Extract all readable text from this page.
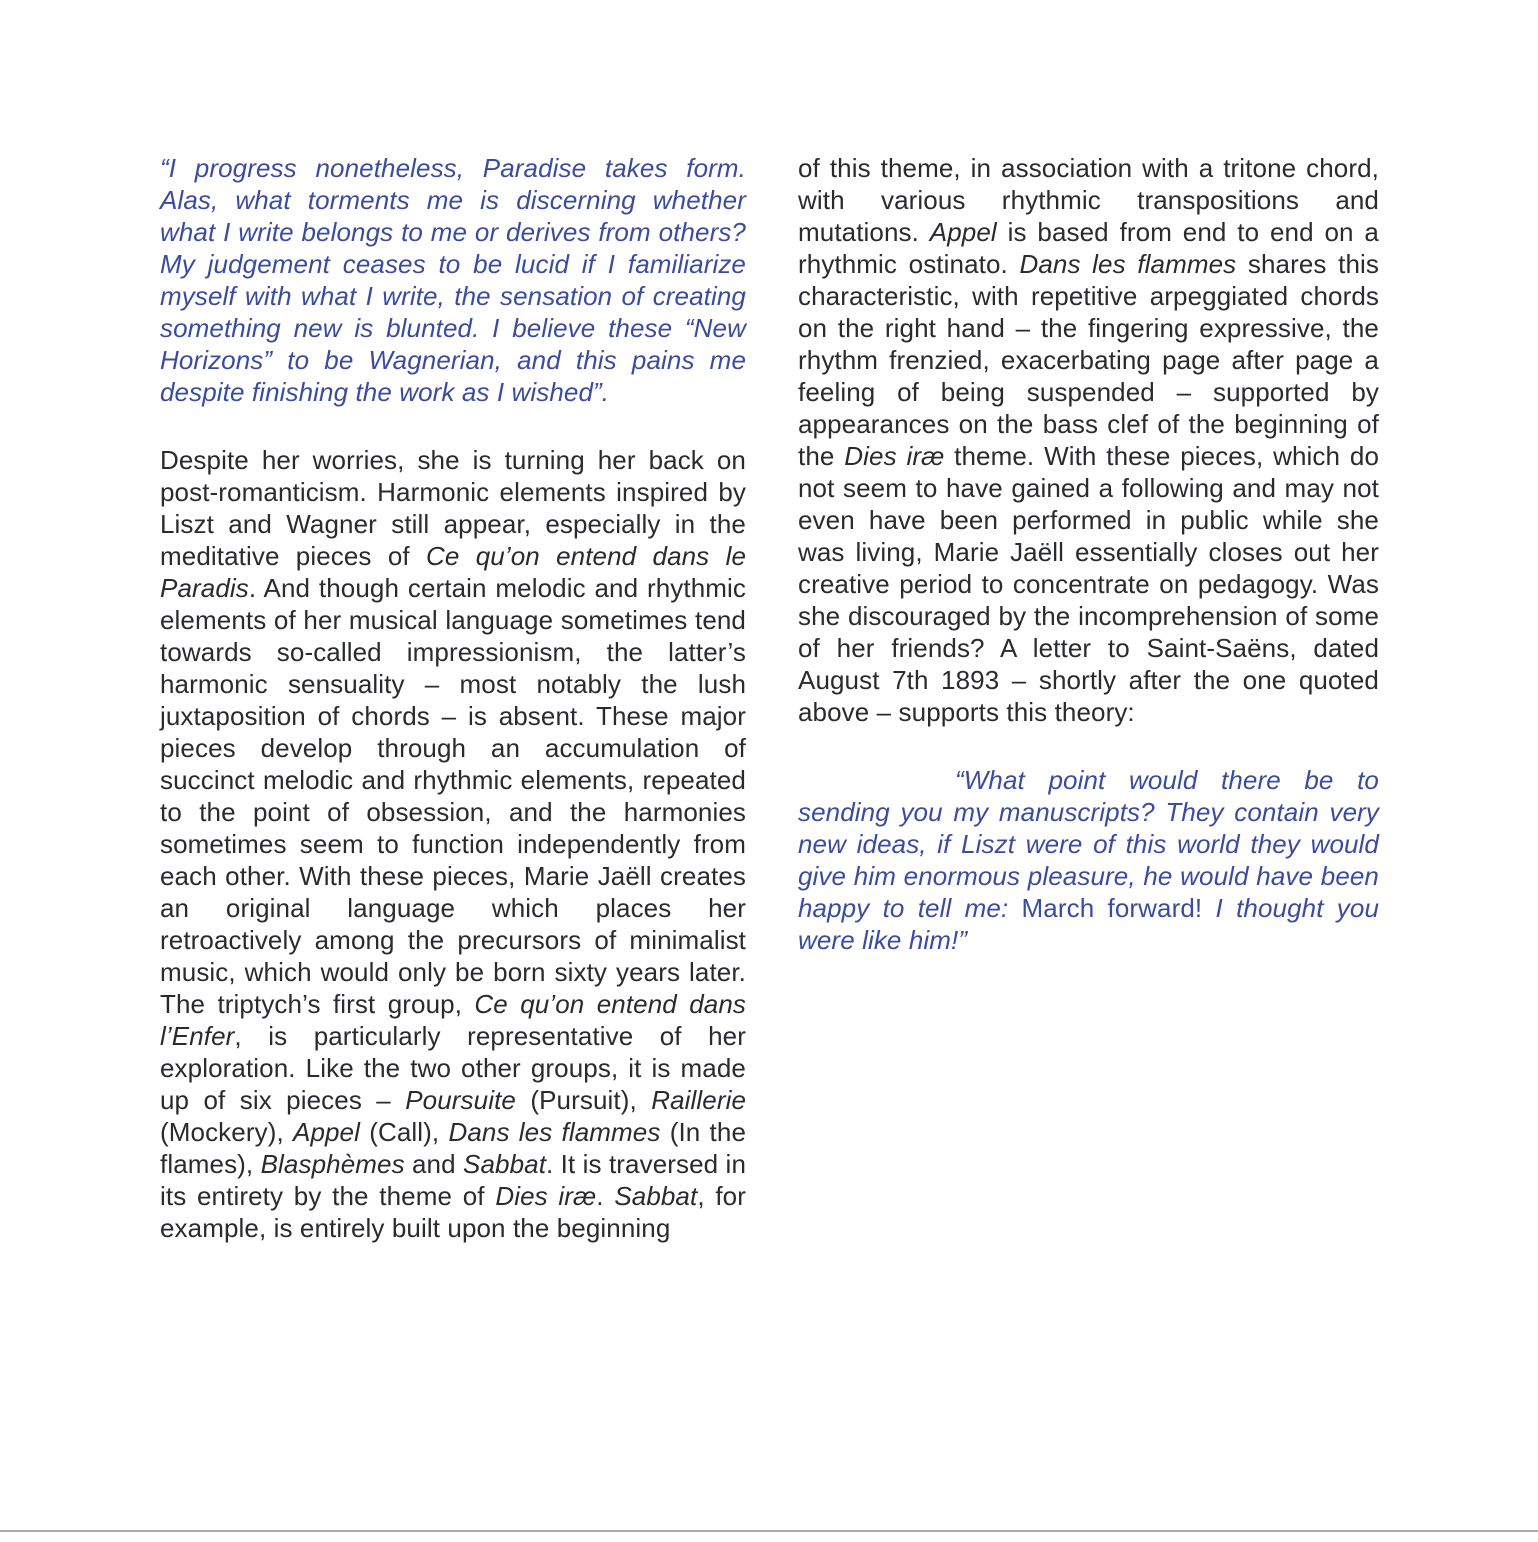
“I progress nonetheless, Paradise takes form. Alas, what torments me is discerning whether what I write belongs to me or derives from others? My judgement ceases to be lucid if I familiarize myself with what I write, the sensation of creating something new is blunted. I believe these “New Horizons” to be Wagnerian, and this pains me despite finishing the work as I wished”.

Despite her worries, she is turning her back on post-romanticism. Harmonic elements inspired by Liszt and Wagner still appear, especially in the meditative pieces of Ce qu’on entend dans le Paradis. And though certain melodic and rhythmic elements of her musical language sometimes tend towards so-called impressionism, the latter’s harmonic sensuality – most notably the lush juxtaposition of chords – is absent. These major pieces develop through an accumulation of succinct melodic and rhythmic elements, repeated to the point of obsession, and the harmonies sometimes seem to function independently from each other. With these pieces, Marie Jaëll creates an original language which places her retroactively among the precursors of minimalist music, which would only be born sixty years later. The triptych’s first group, Ce qu’on entend dans l’Enfer, is particularly representative of her exploration. Like the two other groups, it is made up of six pieces – Poursuite (Pursuit), Raillerie (Mockery), Appel (Call), Dans les flammes (In the flames), Blasphèmes and Sabbat. It is traversed in its entirety by the theme of Dies iræ. Sabbat, for example, is entirely built upon the beginning

of this theme, in association with a tritone chord, with various rhythmic transpositions and mutations. Appel is based from end to end on a rhythmic ostinato. Dans les flammes shares this characteristic, with repetitive arpeggiated chords on the right hand – the fingering expressive, the rhythm frenzied, exacerbating page after page a feeling of being suspended – supported by appearances on the bass clef of the beginning of the Dies iræ theme. With these pieces, which do not seem to have gained a following and may not even have been performed in public while she was living, Marie Jaëll essentially closes out her creative period to concentrate on pedagogy. Was she discouraged by the incomprehension of some of her friends? A letter to Saint-Saëns, dated August 7th 1893 – shortly after the one quoted above – supports this theory:

“What point would there be to sending you my manuscripts? They contain very new ideas, if Liszt were of this world they would give him enormous pleasure, he would have been happy to tell me: March forward! I thought you were like him!”
